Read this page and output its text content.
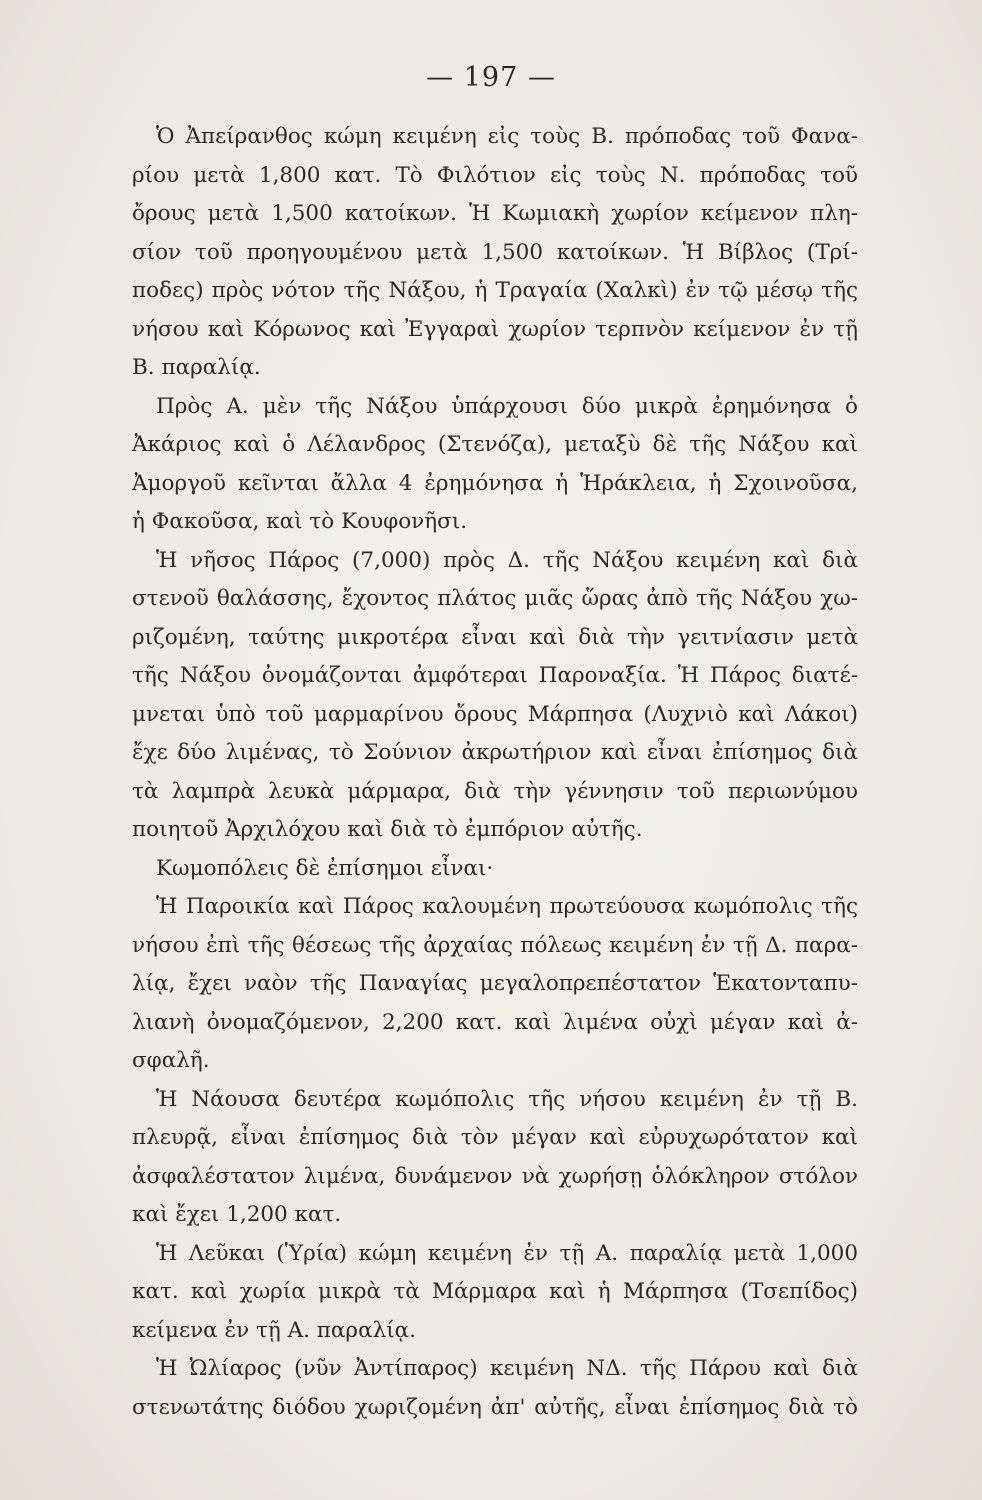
— 197 —
Ὁ Ἀπείρανθος κώμη κειμένη εἰς τοὺς Β. πρόποδας τοῦ Φανα-
ρίου μετὰ 1,800 κατ. Τὸ Φιλότιον εἰς τοὺς Ν. πρόποδας τοῦ
ὄρους μετὰ 1,500 κατοίκων. Ἡ Κωμιακὴ χωρίον κείμενον πλη-
σίον τοῦ προηγουμένου μετὰ 1,500 κατοίκων. Ἡ Βίβλος (Τρί-
ποδες) πρὸς νότον τῆς Νάξου, ἡ Τραγαία (Χαλκὶ) ἐν τῷ μέσῳ τῆς
νήσου καὶ Κόρωνος καὶ Ἐγγαραὶ χωρίον τερπνὸν κείμενον ἐν τῇ
Β. παραλίᾳ.
Πρὸς Α. μὲν τῆς Νάξου ὑπάρχουσι δύο μικρὰ ἐρημόνησα ὁ
Ἀκάριος καὶ ὁ Λέλανδρος (Στενόζα), μεταξὺ δὲ τῆς Νάξου καὶ
Ἀμοργοῦ κεῖνται ἄλλα 4 ἐρημόνησα ἡ Ἡράκλεια, ἡ Σχοινοῦσα,
ἡ Φακοῦσα, καὶ τὸ Κουφονῆσι.
Ἡ νῆσος Πάρος (7,000) πρὸς Δ. τῆς Νάξου κειμένη καὶ διὰ
στενοῦ θαλάσσης, ἔχοντος πλάτος μιᾶς ὥρας ἀπὸ τῆς Νάξου χω-
ριζομένη, ταύτης μικροτέρα εἶναι καὶ διὰ τὴν γειτνίασιν μετὰ
τῆς Νάξου ὀνομάζονται ἀμφότεραι Παροναξία. Ἡ Πάρος διατέ-
μνεται ὑπὸ τοῦ μαρμαρίνου ὄρους Μάρπησα (Λυχνιὸ καὶ Λάκοι)
ἔχε δύο λιμένας, τὸ Σούνιον ἀκρωτήριον καὶ εἶναι ἐπίσημος διὰ
τὰ λαμπρὰ λευκὰ μάρμαρα, διὰ τὴν γέννησιν τοῦ περιωνύμου
ποιητοῦ Ἀρχιλόχου καὶ διὰ τὸ ἐμπόριον αὐτῆς.
Κωμοπόλεις δὲ ἐπίσημοι εἶναι·
Ἡ Παροικία καὶ Πάρος καλουμένη πρωτεύουσα κωμόπολις τῆς
νήσου ἐπὶ τῆς θέσεως τῆς ἀρχαίας πόλεως κειμένη ἐν τῇ Δ. παρα-
λίᾳ, ἔχει ναὸν τῆς Παναγίας μεγαλοπρεπέστατον Ἑκατονταπυ-
λιανὴ ὀνομαζόμενον, 2,200 κατ. καὶ λιμένα οὐχὶ μέγαν καὶ ἀ-
σφαλῆ.
Ἡ Νάουσα δευτέρα κωμόπολις τῆς νήσου κειμένη ἐν τῇ Β.
πλευρᾷ, εἶναι ἐπίσημος διὰ τὸν μέγαν καὶ εὐρυχωρότατον καὶ
ἀσφαλέστατον λιμένα, δυνάμενον νὰ χωρήσῃ ὁλόκληρον στόλον
καὶ ἔχει 1,200 κατ.
Ἡ Λεῦκαι (Ὑρία) κώμη κειμένη ἐν τῇ Α. παραλίᾳ μετὰ 1,000
κατ. καὶ χωρία μικρὰ τὰ Μάρμαρα καὶ ἡ Μάρπησα (Τσεπίδος)
κείμενα ἐν τῇ Α. παραλίᾳ.
Ἡ Ὠλίαρος (νῦν Ἀντίπαρος) κειμένη ΝΔ. τῆς Πάρου καὶ διὰ
στενωτάτης διόδου χωριζομένη ἀπ' αὐτῆς, εἶναι ἐπίσημος διὰ τὸ
